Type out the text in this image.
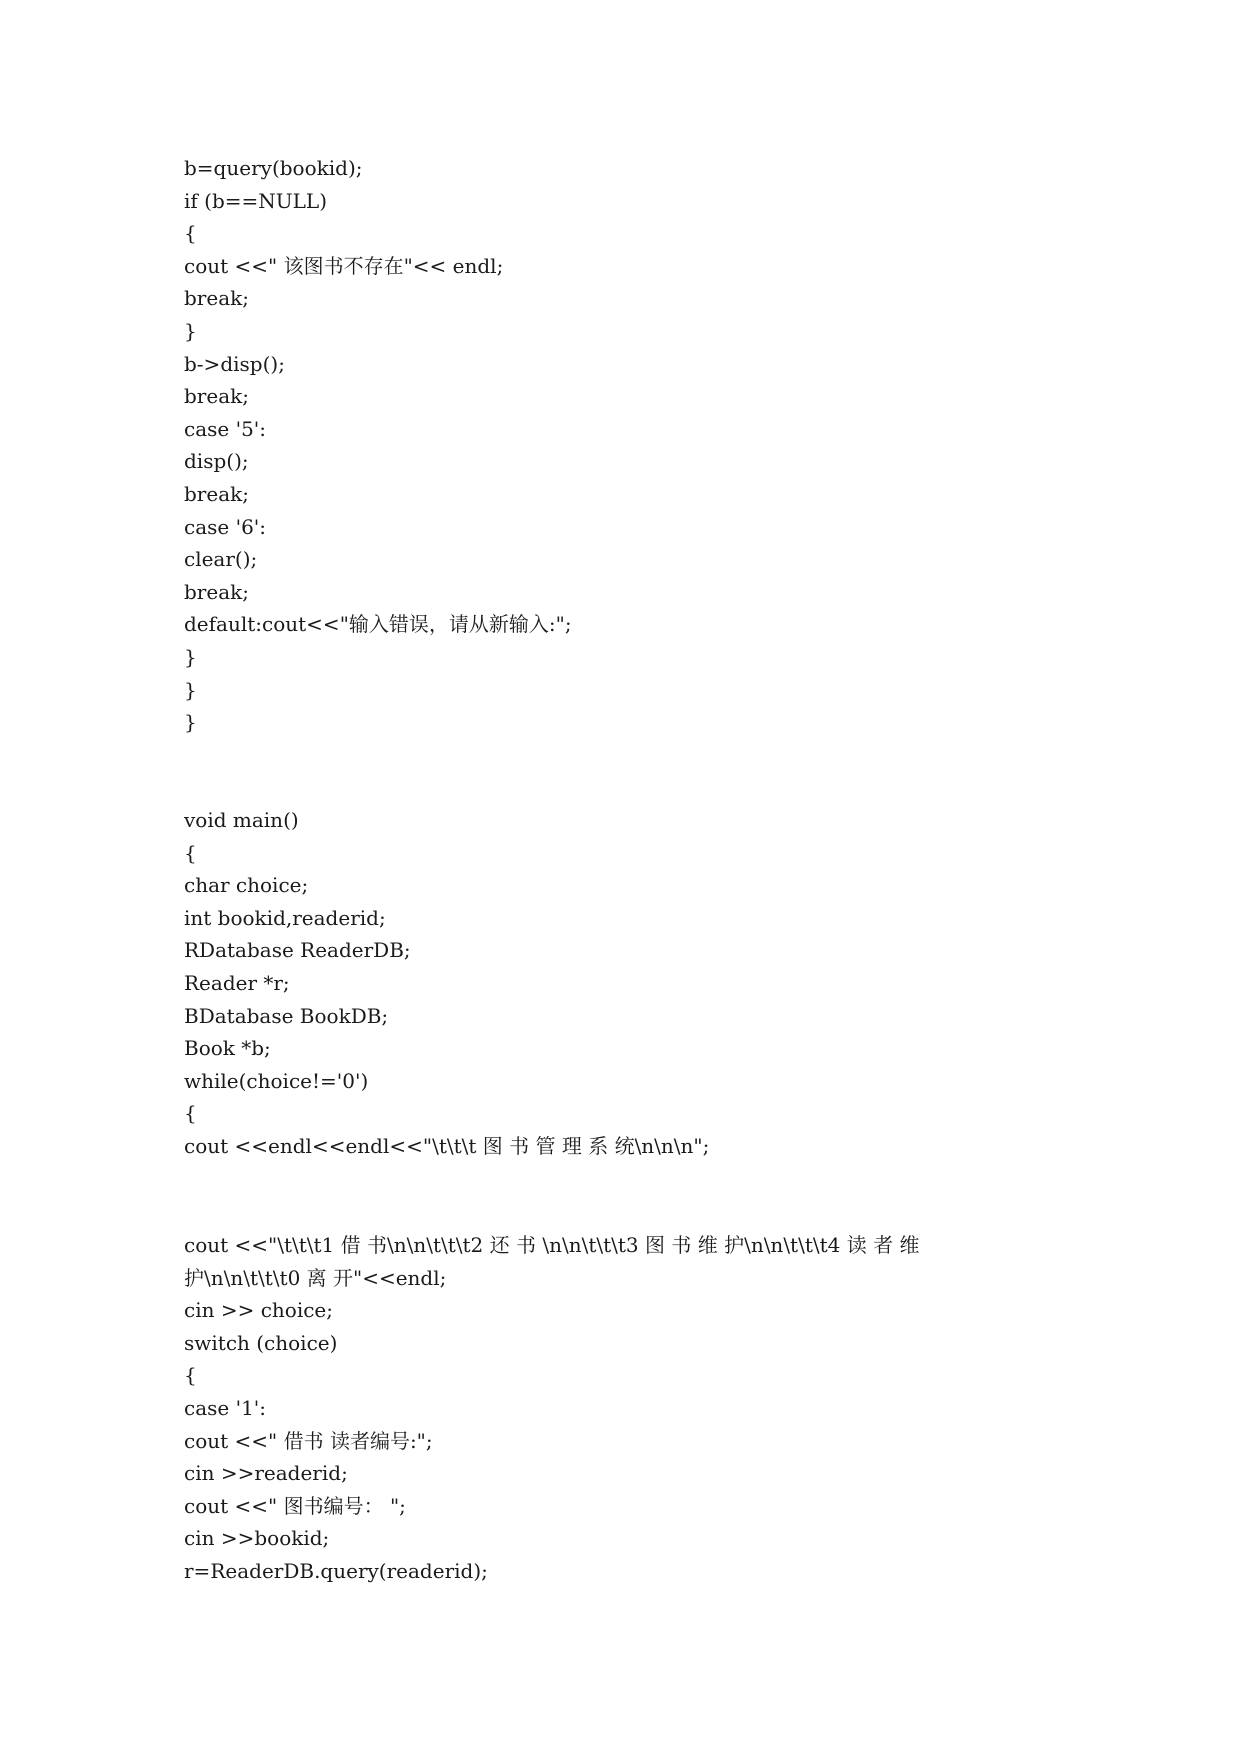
b=query(bookid);
if (b==NULL)
{
cout <<" 该图书不存在"<< endl;
break;
}
b->disp();
break;
case '5':
disp();
break;
case '6':
clear();
break;
default:cout<<"输入错误，请从新输入:";
}
}
}
void main()
{
char choice;
int bookid,readerid;
RDatabase ReaderDB;
Reader *r;
BDatabase BookDB;
Book *b;
while(choice!='0')
{
cout <<endl<<endl<<"\t\t\t 图 书 管 理 系 统\n\n\n";
cout <<"\t\t\t1 借 书\n\n\t\t\t2 还 书 \n\n\t\t\t3 图 书 维 护\n\n\t\t\t4 读 者 维
护\n\n\t\t\t0 离 开"<<endl;
cin >> choice;
switch (choice)
{
case '1':
cout <<" 借书 读者编号:";
cin >>readerid;
cout <<" 图书编号： ";
cin >>bookid;
r=ReaderDB.query(readerid);
